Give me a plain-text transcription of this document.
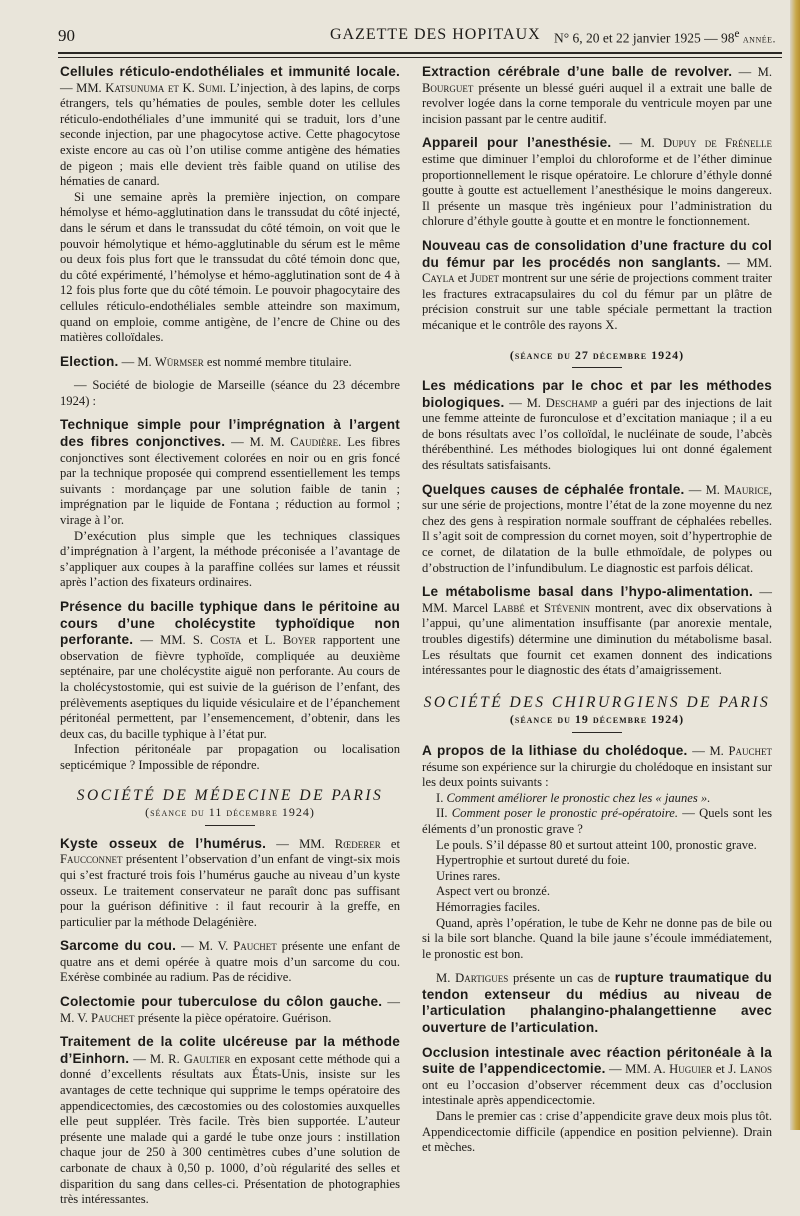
90	GAZETTE DES HOPITAUX N° 6, 20 et 22 janvier 1925 — 98e année.

Cellules réticulo-endothéliales et immunité locale. — MM. Katsunuma et K. Sumi. L’injection, à des lapins, de corps étrangers, tels qu’hématies de poules, semble doter les cellules réticulo-endothéliales d’une immunité qui se traduit, lors d’une seconde injection, par une phagocytose active. Cette phagocytose existe encore au cas où l’on utilise comme antigène des hématies de pigeon ; mais elle devient très faible quand on utilise des hématies de canard.

Si une semaine après la première injection, on compare hémolyse et hémo-agglutination dans le transsudat du côté injecté, dans le sérum et dans le transsudat du côté témoin, on voit que le pouvoir hémolytique et hémo-agglutinable du sérum est le même ou deux fois plus fort que le transsudat du côté témoin donc que, du côté expérimenté, l’hémolyse et hémo-agglutination sont de 4 à 12 fois plus forte que du côté témoin. Le pouvoir phagocytaire des cellules réticulo-endothéliales semble atteindre son maximum, quand on emploie, comme antigène, de l’encre de Chine ou des matières colloïdales.

Election. — M. Würmser est nommé membre titulaire.

— Société de biologie de Marseille (séance du 23 décembre 1924) :

Technique simple pour l’imprégnation à l’argent des fibres conjonctives. — M. M. Caudière. Les fibres conjonctives sont électivement colorées en noir ou en gris foncé par la technique proposée qui comprend essentiellement les temps suivants : mordançage par une solution faible de tanin ; imprégnation par le liquide de Fontana ; réduction au formol ; virage à l’or.

D’exécution plus simple que les techniques classiques d’imprégnation à l’argent, la méthode préconisée a l’avantage de s’appliquer aux coupes à la paraffine collées sur lames et réussit après l’action des fixateurs ordinaires.

Présence du bacille typhique dans le péritoine au cours d’une cholécystite typhoïdique non perforante. — MM. S. Costa et L. Boyer rapportent une observation de fièvre typhoïde, compliquée au deuxième septénaire, par une cholécystite aiguë non perforante. Au cours de la cholécystostomie, qui est suivie de la guérison de l’enfant, des prélèvements aseptiques du liquide vésiculaire et de l’épanchement péritonéal permettent, par l’ensemencement, d’obtenir, dans les deux cas, du bacille typhique à l’état pur.

Infection péritonéale par propagation ou localisation septicémique ? Impossible de répondre.

SOCIÉTÉ DE MÉDECINE DE PARIS
(séance du 11 décembre 1924)

Kyste osseux de l’humérus. — MM. Rœderer et Faucconnet présentent l’observation d’un enfant de vingt-six mois qui s’est fracturé trois fois l’humérus gauche au niveau d’un kyste osseux. Le traitement conservateur ne paraît donc pas suffisant pour la guérison définitive : il faut recourir à la greffe, en particulier par la méthode Delagénière.

Sarcome du cou. — M. V. Pauchet présente une enfant de quatre ans et demi opérée à quatre mois d’un sarcome du cou. Exérèse combinée au radium. Pas de récidive.

Colectomie pour tuberculose du côlon gauche. — M. V. Pauchet présente la pièce opératoire. Guérison.

Traitement de la colite ulcéreuse par la méthode d’Einhorn. — M. R. Gaultier en exposant cette méthode qui a donné d’excellents résultats aux États-Unis, insiste sur les avantages de cette technique qui supprime le temps opératoire des appendicectomies, des cæcostomies ou des colostomies auxquelles elle peut suppléer. Très facile. Très bien supportée. L’auteur présente une malade qui a gardé le tube onze jours : instillation chaque jour de 250 à 300 centimètres cubes d’une solution de carbonate de chaux à 0,50 p. 1000, d’où régularité des selles et disparition du sang dans celles-ci. Présentation de photographies très intéressantes.

Extraction cérébrale d’une balle de revolver. — M. Bourguet présente un blessé guéri auquel il a extrait une balle de revolver logée dans la corne temporale du ventricule moyen par une incision passant par le centre auditif.

Appareil pour l’anesthésie. — M. Dupuy de Frénelle estime que diminuer l’emploi du chloroforme et de l’éther diminue proportionnellement le risque opératoire. Le chlorure d’éthyle donné goutte à goutte est actuellement l’anesthésique le moins dangereux. Il présente un masque très ingénieux pour l’administration du chlorure d’éthyle goutte à goutte et en montre le fonctionnement.

Nouveau cas de consolidation d’une fracture du col du fémur par les procédés non sanglants. — MM. Cayla et Judet montrent sur une série de projections comment traiter les fractures extracapsulaires du col du fémur par un plâtre de précision construit sur une table spéciale permettant la traction mécanique et le contrôle des rayons X.

(séance du 27 décembre 1924)

Les médications par le choc et par les méthodes biologiques. — M. Deschamp a guéri par des injections de lait une femme atteinte de furonculose et d’excitation maniaque ; il a eu de bons résultats avec l’os colloïdal, le nucléinate de soude, l’abcès thérébenthiné. Les méthodes biologiques lui ont donné également des résultats satisfaisants.

Quelques causes de céphalée frontale. — M. Maurice, sur une série de projections, montre l’état de la zone moyenne du nez chez des gens à respiration normale souffrant de céphalées rebelles. Il s’agit soit de compression du cornet moyen, soit d’hypertrophie de ce cornet, de dilatation de la bulle ethmoïdale, de polypes ou d’obstruction de l’infundibulum. Le diagnostic est parfois délicat.

Le métabolisme basal dans l’hypo-alimentation. — MM. Marcel Labbé et Stévenin montrent, avec dix observations à l’appui, qu’une alimentation insuffisante (par anorexie mentale, troubles digestifs) détermine une diminution du métabolisme basal. Les résultats que fournit cet examen donnent des indications intéressantes pour le diagnostic des états d’amaigrissement.

SOCIÉTÉ DES CHIRURGIENS DE PARIS
(séance du 19 décembre 1924)

A propos de la lithiase du cholédoque. — M. Pauchet résume son expérience sur la chirurgie du cholédoque en insistant sur les deux points suivants :

I. Comment améliorer le pronostic chez les « jaunes ».

II. Comment poser le pronostic pré-opératoire. — Quels sont les éléments d’un pronostic grave ?

Le pouls. S’il dépasse 80 et surtout atteint 100, pronostic grave.

Hypertrophie et surtout dureté du foie.

Urines rares.

Aspect vert ou bronzé.

Hémorragies faciles.

Quand, après l’opération, le tube de Kehr ne donne pas de bile ou si la bile sort blanche. Quand la bile jaune s’écoule immédiatement, le pronostic est bon.

M. Dartigues présente un cas de rupture traumatique du tendon extenseur du médius au niveau de l’articulation phalangino-phalangettienne avec ouverture de l’articulation.

Occlusion intestinale avec réaction péritonéale à la suite de l’appendicectomie. — MM. A. Huguier et J. Lanos ont eu l’occasion d’observer récemment deux cas d’occlusion intestinale après appendicectomie.

Dans le premier cas : crise d’appendicite grave deux mois plus tôt. Appendicectomie difficile (appendice en position pelvienne). Drain et mèches.
